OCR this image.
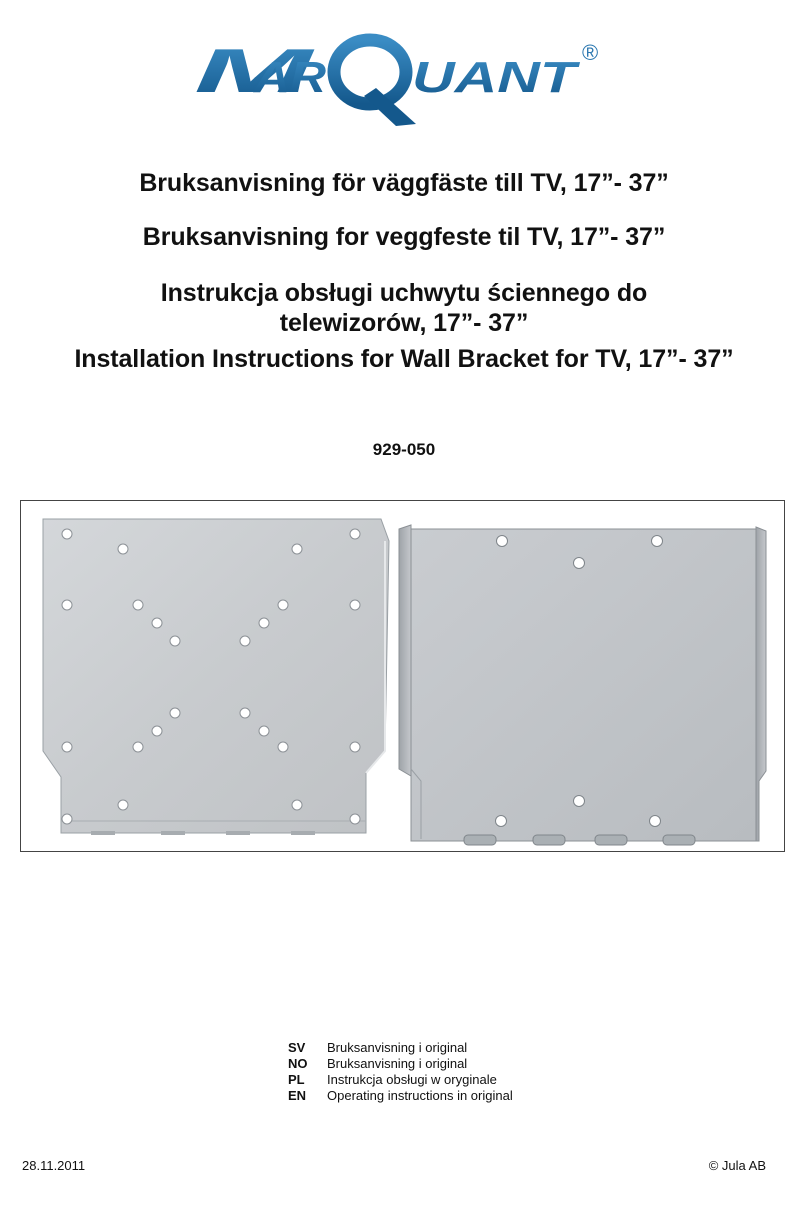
M
AR UANT
®
Bruksanvisning för väggfäste till TV, 17”- 37”
Bruksanvisning for veggfeste til TV, 17”- 37”
Instrukcja obsługi uchwytu ściennego do
telewizorów, 17”- 37”
Installation Instructions for Wall Bracket for TV, 17”- 37”
929-050
SV	Bruksanvisning i original
NO	Bruksanvisning i original
PL	Instrukcja obsługi w oryginale
EN	Operating instructions in original
28.11.2011	© Jula AB
